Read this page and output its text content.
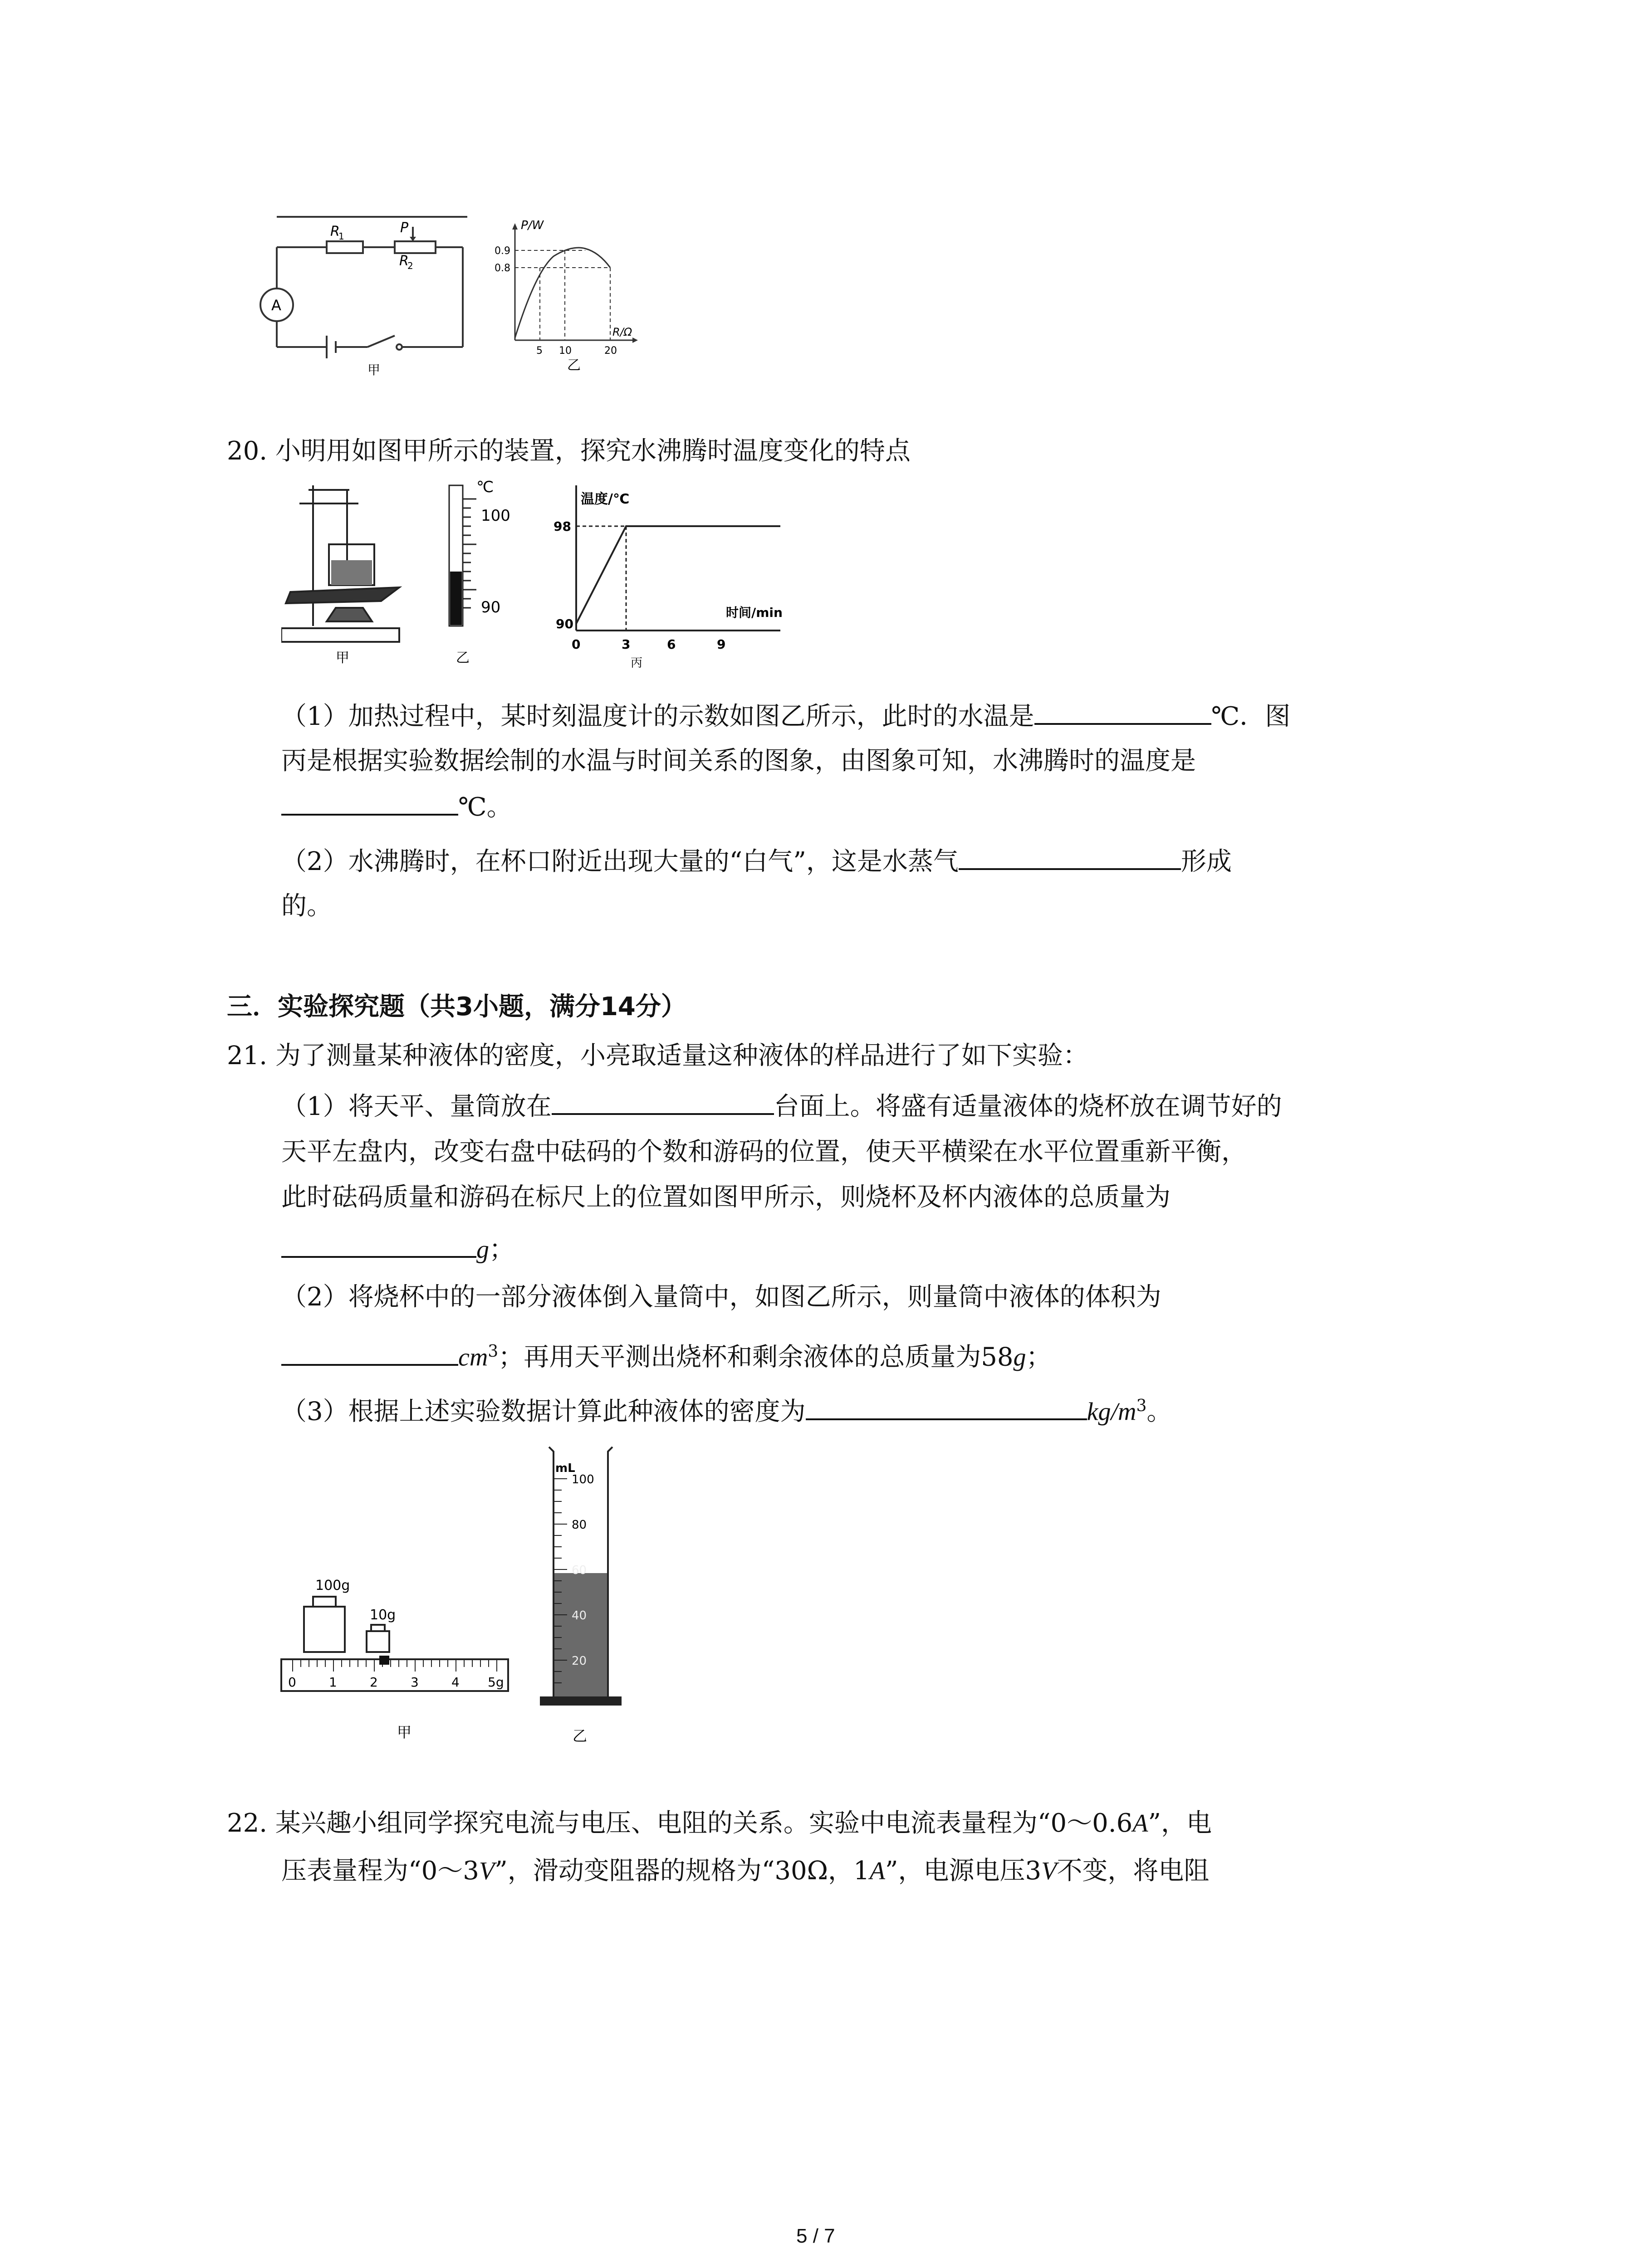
R
1
R
2
P
A
甲
P/W
0.9
0.8
R/Ω
5 10	20
乙
20. 小明用如图甲所示的装置，探究水沸腾时温度变化的特点
甲
℃
100
90
乙
温度/℃
98
90
时间/min
0	3	6	9
丙
（1）加热过程中，某时刻温度计的示数如图乙所示，此时的水温是	℃．图
丙是根据实验数据绘制的水温与时间关系的图象，由图象可知，水沸腾时的温度是
℃。
（2）水沸腾时，在杯口附近出现大量的“白气”，这是水蒸气	形成
的。
三．实验探究题（共3小题，满分14分）
21. 为了测量某种液体的密度，小亮取适量这种液体的样品进行了如下实验：
（1）将天平、量筒放在	台面上。将盛有适量液体的烧杯放在调节好的
天平左盘内，改变右盘中砝码的个数和游码的位置，使天平横梁在水平位置重新平衡，
此时砝码质量和游码在标尺上的位置如图甲所示，则烧杯及杯内液体的总质量为
g；
（2）将烧杯中的一部分液体倒入量筒中，如图乙所示，则量筒中液体的体积为
$cm^3$；再用天平测出烧杯和剩余液体的总质量为58g；
（3）根据上述实验数据计算此种液体的密度为	$kg/m^3$。
100g
10g
0	1	2	3	4 5g
甲
mL
100
80
60
40
20
乙
22. 某兴趣小组同学探究电流与电压、电阻的关系。实验中电流表量程为“0～0.6A”，电
压表量程为“0～3V”，滑动变阻器的规格为“30Ω，1A”，电源电压3V不变，将电阻
5 / 7
